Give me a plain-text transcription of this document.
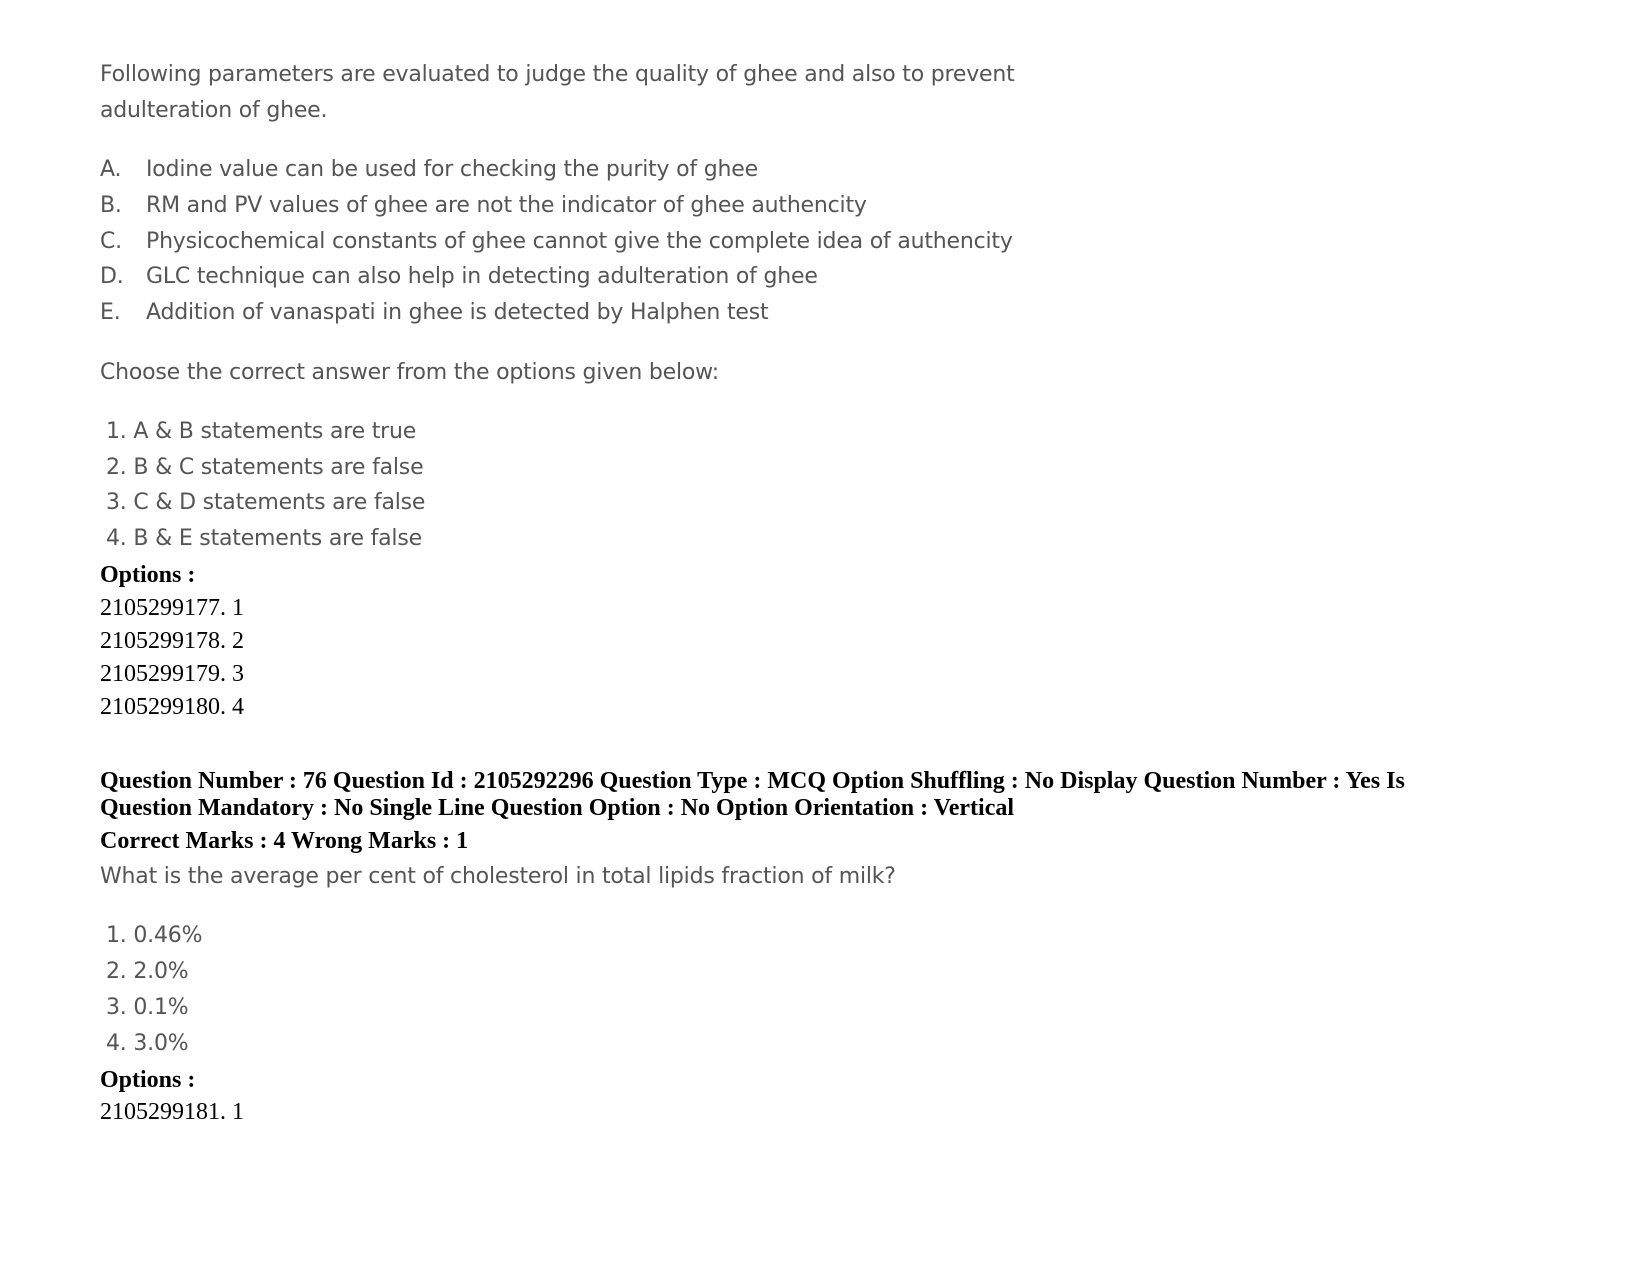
Following parameters are evaluated to judge the quality of ghee and also to prevent
adulteration of ghee.
A. Iodine value can be used for checking the purity of ghee
B. RM and PV values of ghee are not the indicator of ghee authencity
C. Physicochemical constants of ghee cannot give the complete idea of authencity
D. GLC technique can also help in detecting adulteration of ghee
E. Addition of vanaspati in ghee is detected by Halphen test
Choose the correct answer from the options given below:
1. A & B statements are true
2. B & C statements are false
3. C & D statements are false
4. B & E statements are false
Options :
2105299177. 1
2105299178. 2
2105299179. 3
2105299180. 4
Question Number : 76 Question Id : 2105292296 Question Type : MCQ Option Shuffling : No Display Question Number : Yes Is
Question Mandatory : No Single Line Question Option : No Option Orientation : Vertical
Correct Marks : 4 Wrong Marks : 1
What is the average per cent of cholesterol in total lipids fraction of milk?
1. 0.46%
2. 2.0%
3. 0.1%
4. 3.0%
Options :
2105299181. 1
